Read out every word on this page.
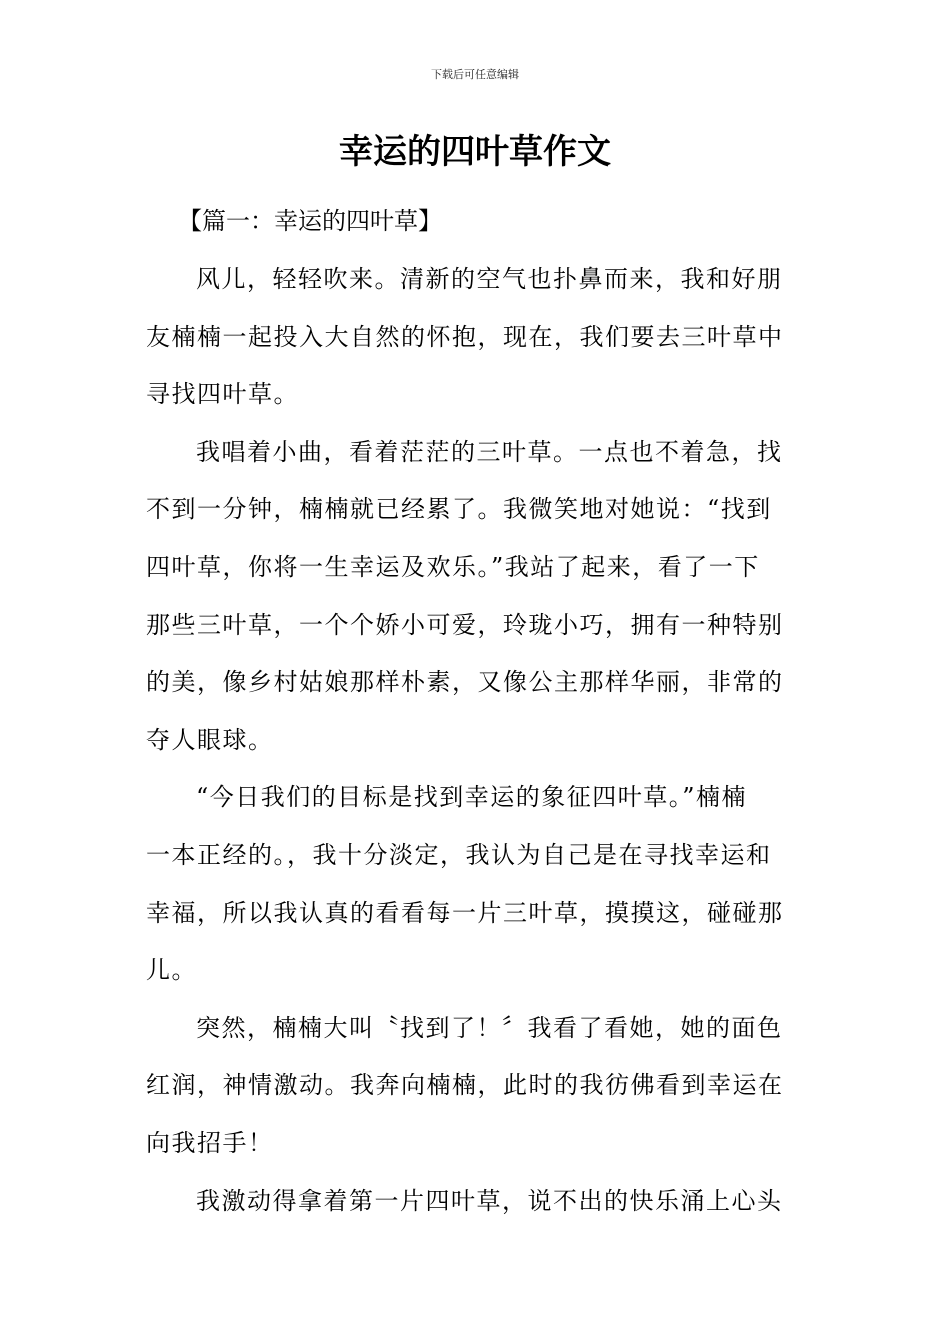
下载后可任意编辑
幸运的四叶草作文

【篇一：幸运的四叶草】

风儿，轻轻吹来。清新的空气也扑鼻而来，我和好朋
友楠楠一起投入大自然的怀抱，现在，我们要去三叶草中
寻找四叶草。
我唱着小曲，看着茫茫的三叶草。一点也不着急，找
不到一分钟，楠楠就已经累了。我微笑地对她说：“找到
四叶草，你将一生幸运及欢乐。”我站了起来，看了一下
那些三叶草，一个个娇小可爱，玲珑小巧，拥有一种特别
的美，像乡村姑娘那样朴素，又像公主那样华丽，非常的
夺人眼球。
“今日我们的目标是找到幸运的象征四叶草。”楠楠
一本正经的。，我十分淡定，我认为自己是在寻找幸运和
幸福，所以我认真的看看每一片三叶草，摸摸这，碰碰那
儿。
突然，楠楠大叫〝找到了！〞我看了看她，她的面色
红润，神情激动。我奔向楠楠，此时的我彷佛看到幸运在
向我招手！
我激动得拿着第一片四叶草，说不出的快乐涌上心头
